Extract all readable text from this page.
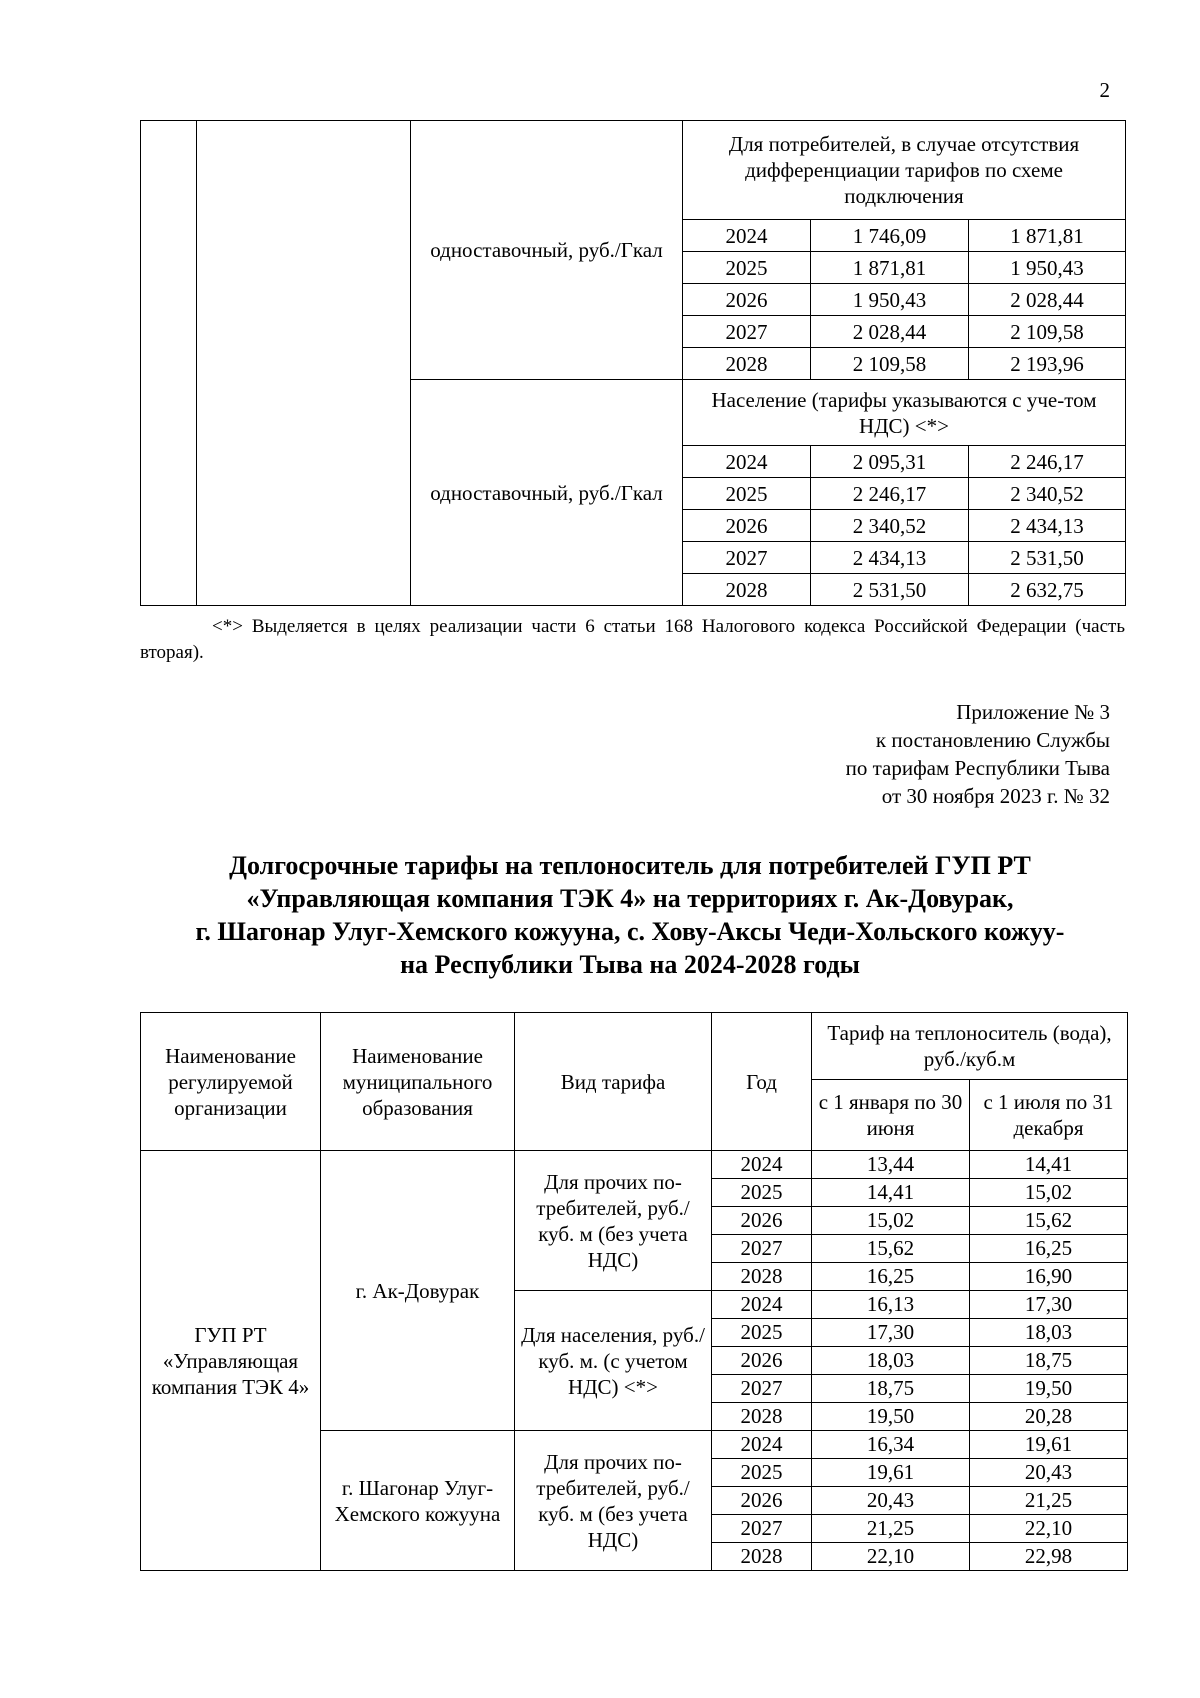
2
		одноставочный, руб./Гкал	Для потребителей, в случае отсутствия дифференциации тарифов по схеме подключения		
			2024	1 746,09	1 871,81
			2025	1 871,81	1 950,43
			2026	1 950,43	2 028,44
			2027	2 028,44	2 109,58
			2028	2 109,58	2 193,96
		одноставочный, руб./Гкал	Население (тарифы указываются с уче-том НДС) <*>		
			2024	2 095,31	2 246,17
			2025	2 246,17	2 340,52
			2026	2 340,52	2 434,13
			2027	2 434,13	2 531,50
			2028	2 531,50	2 632,75
<*> Выделяется в целях реализации части 6 статьи 168 Налогового кодекса Российской Федерации (часть вторая).
Приложение № 3
к постановлению Службы
по тарифам Республики Тыва
от 30 ноября 2023 г. № 32
Долгосрочные тарифы на теплоноситель для потребителей ГУП РТ
«Управляющая компания ТЭК 4» на территориях г. Ак-Довурак,
г. Шагонар Улуг-Хемского кожууна, с. Хову-Аксы Чеди-Хольского кожуу-
на Республики Тыва на 2024-2028 годы
Наименование регулируемой организации	Наименование муниципального образования	Вид тарифа	Год	Тариф на теплоноситель (вода), руб./куб.м	
				с 1 января по 30 июня	с 1 июля по 31 декабря
ГУП РТ «Управляющая компания ТЭК 4»	г. Ак-Довурак	Для прочих по-требителей, руб./куб. м (без учета НДС)	2024	13,44	14,41
			2025	14,41	15,02
			2026	15,02	15,62
			2027	15,62	16,25
			2028	16,25	16,90
		Для населения, руб./куб. м. (с учетом НДС) <*>	2024	16,13	17,30
			2025	17,30	18,03
			2026	18,03	18,75
			2027	18,75	19,50
			2028	19,50	20,28
	г. Шагонар Улуг-Хемского кожууна	Для прочих по-требителей, руб./куб. м (без учета НДС)	2024	16,34	19,61
			2025	19,61	20,43
			2026	20,43	21,25
			2027	21,25	22,10
			2028	22,10	22,98
